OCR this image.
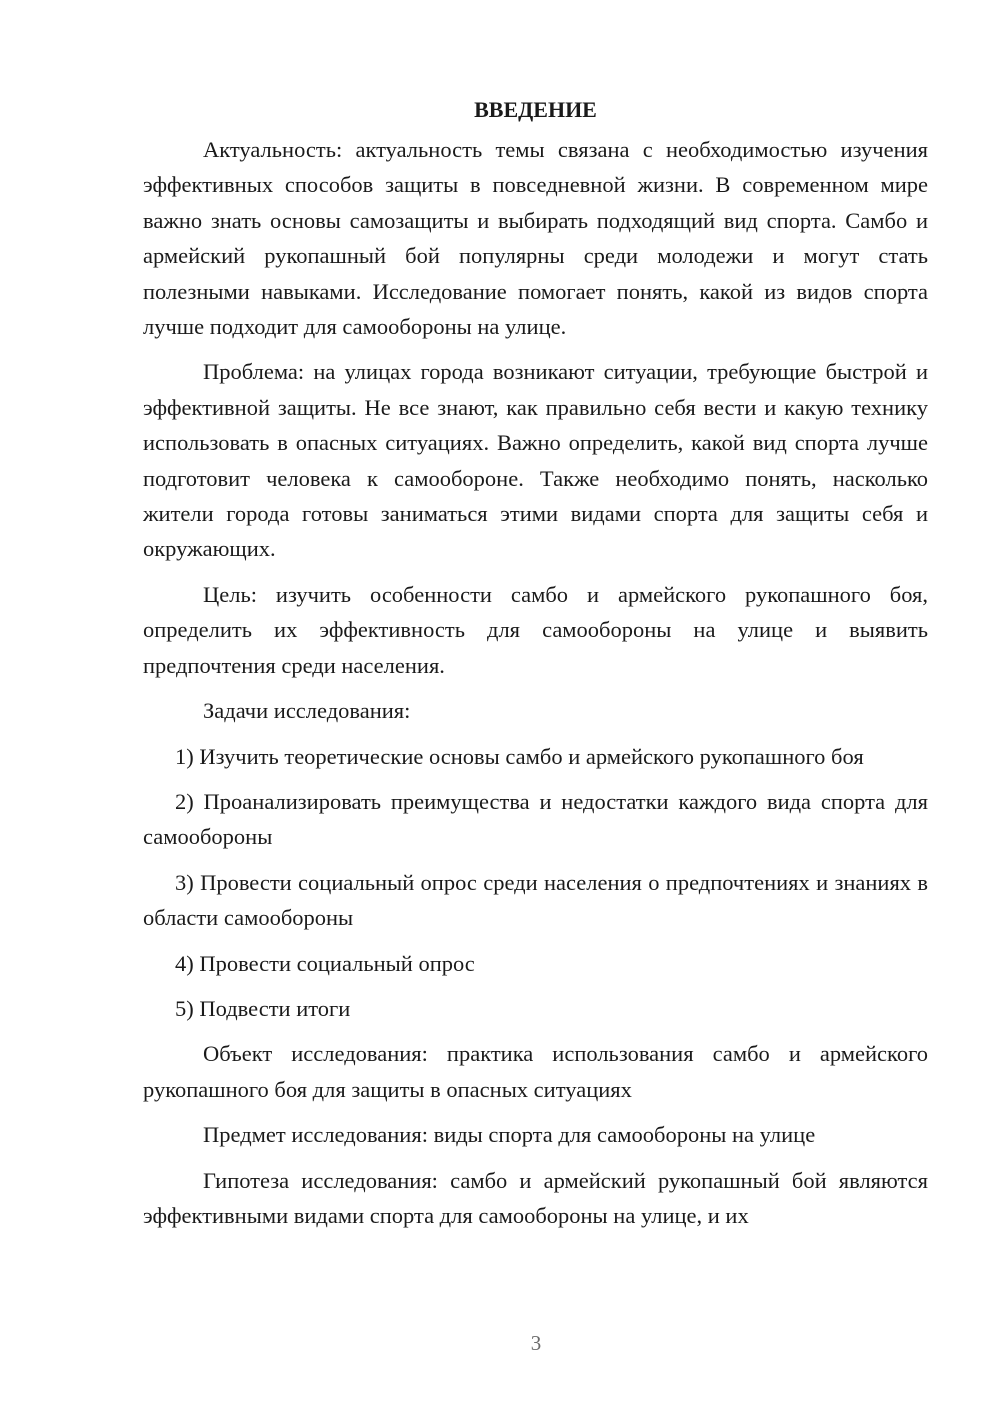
ВВЕДЕНИЕ

Актуальность: актуальность темы связана с необходимостью изучения эффективных способов защиты в повседневной жизни. В современном мире важно знать основы самозащиты и выбирать подходящий вид спорта. Самбо и армейский рукопашный бой популярны среди молодежи и могут стать полезными навыками. Исследование помогает понять, какой из видов спорта лучше подходит для самообороны на улице.

Проблема: на улицах города возникают ситуации, требующие быстрой и эффективной защиты. Не все знают, как правильно себя вести и какую технику использовать в опасных ситуациях. Важно определить, какой вид спорта лучше подготовит человека к самообороне. Также необходимо понять, насколько жители города готовы заниматься этими видами спорта для защиты себя и окружающих.

Цель: изучить особенности самбо и армейского рукопашного боя, определить их эффективность для самообороны на улице и выявить предпочтения среди населения.

Задачи исследования:

1) Изучить теоретические основы самбо и армейского рукопашного боя

2) Проанализировать преимущества и недостатки каждого вида спорта для самообороны

3) Провести социальный опрос среди населения о предпочтениях и знаниях в области самообороны

4) Провести социальный опрос

5) Подвести итоги

Объект исследования: практика использования самбо и армейского рукопашного боя для защиты в опасных ситуациях

Предмет исследования: виды спорта для самообороны на улице

Гипотеза исследования: самбо и армейский рукопашный бой являются эффективными видами спорта для самообороны на улице, и их

3
